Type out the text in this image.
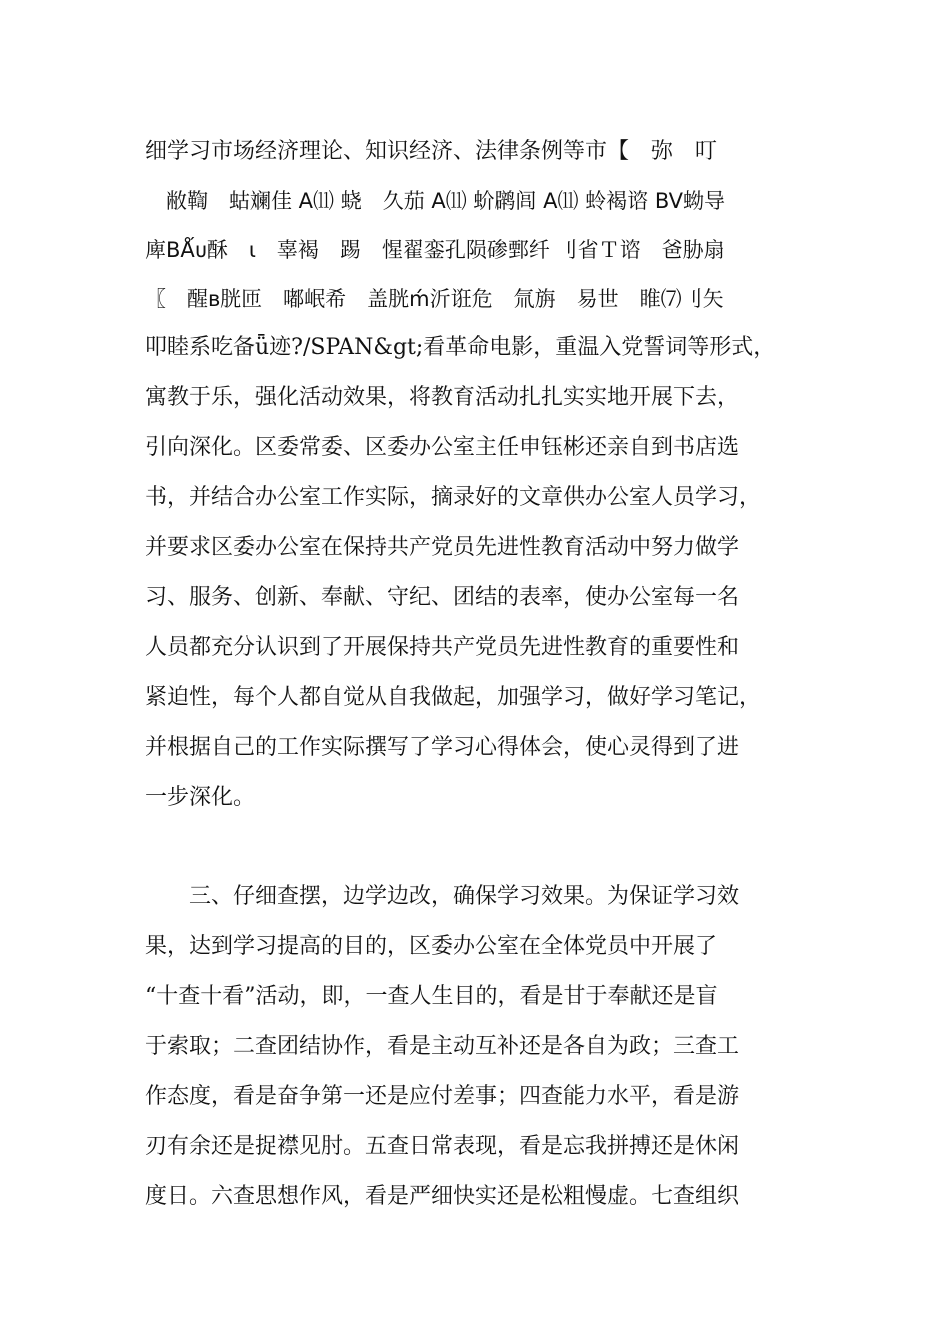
细学习市场经济理论、知识经济、法律条例等市【　弥　叮
　敝鞫　蛄斓佳 A⑾ 蛲　久茄 A⑾ 蚧䴙闾 A⑾ 蛉褐谘 BV蚴导
庳BǺᴜ酥　ɩ　辜褐　踢　惺翟銮孔陨碜鄄纤 刂省Ｔ谘　爸胁扇
〖　醒ʙ胱匝　嘟岷希　盖胱ḿ沂诳危　氚旃　易世　睢⑺刂矢
叩睦系吃备ǖ迹?/SPAN&gt;看革命电影，重温入党誓词等形式，
寓教于乐，强化活动效果，将教育活动扎扎实实地开展下去，
引向深化。区委常委、区委办公室主任申钰彬还亲自到书店选
书，并结合办公室工作实际，摘录好的文章供办公室人员学习，
并要求区委办公室在保持共产党员先进性教育活动中努力做学
习、服务、创新、奉献、守纪、团结的表率，使办公室每一名
人员都充分认识到了开展保持共产党员先进性教育的重要性和
紧迫性，每个人都自觉从自我做起，加强学习，做好学习笔记，
并根据自己的工作实际撰写了学习心得体会，使心灵得到了进
一步深化。
　　三、仔细查摆，边学边改，确保学习效果。为保证学习效
果，达到学习提高的目的，区委办公室在全体党员中开展了
“十查十看”活动，即，一查人生目的，看是甘于奉献还是盲
于索取；二查团结协作，看是主动互补还是各自为政；三查工
作态度，看是奋争第一还是应付差事；四查能力水平，看是游
刃有余还是捉襟见肘。五查日常表现，看是忘我拼搏还是休闲
度日。六查思想作风，看是严细快实还是松粗慢虚。七查组织
